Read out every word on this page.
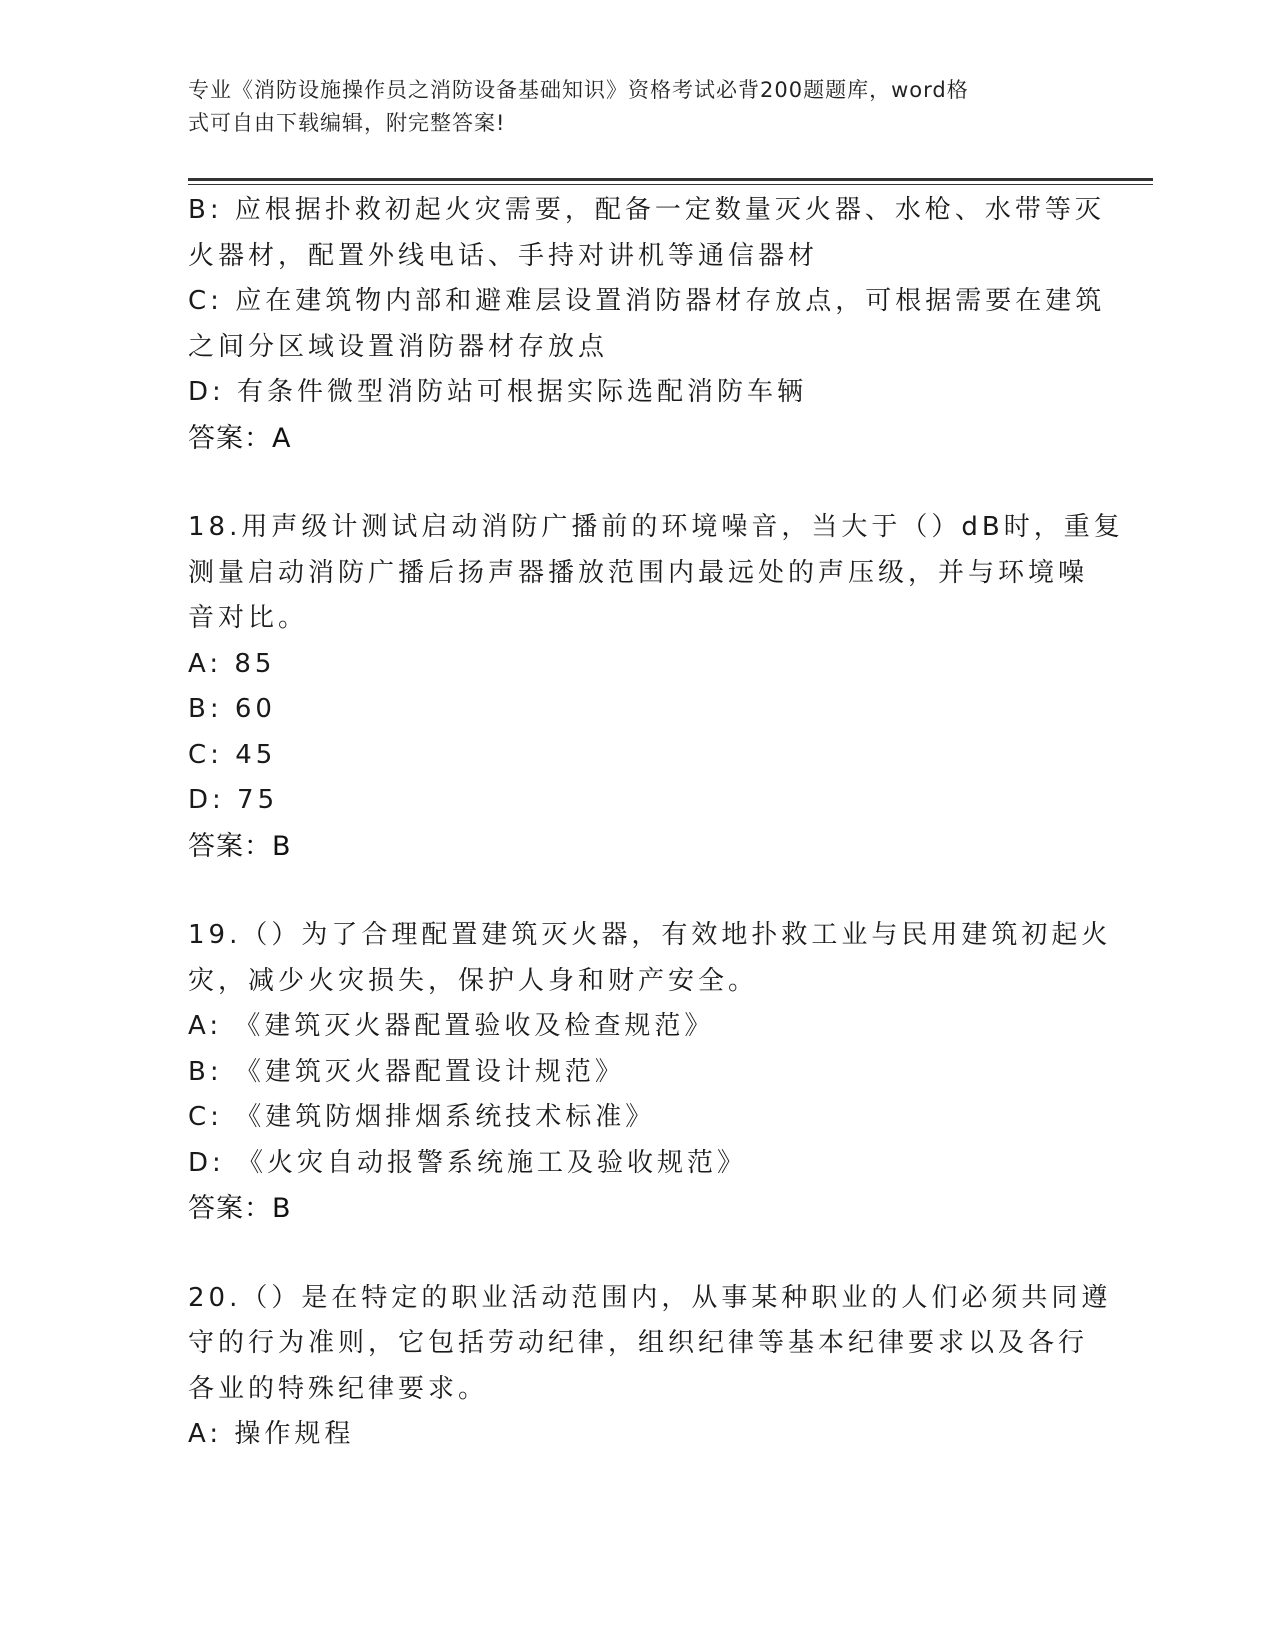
专业《消防设施操作员之消防设备基础知识》资格考试必背200题题库，word格
式可自由下载编辑，附完整答案!
B: 应根据扑救初起火灾需要，配备一定数量灭火器、水枪、水带等灭
火器材，配置外线电话、手持对讲机等通信器材
C: 应在建筑物内部和避难层设置消防器材存放点，可根据需要在建筑
之间分区域设置消防器材存放点
D: 有条件微型消防站可根据实际选配消防车辆
答案：A
18.用声级计测试启动消防广播前的环境噪音，当大于（）dB时，重复
测量启动消防广播后扬声器播放范围内最远处的声压级，并与环境噪
音对比。
A: 85
B: 60
C: 45
D: 75
答案：B
19.（）为了合理配置建筑灭火器，有效地扑救工业与民用建筑初起火
灾，减少火灾损失，保护人身和财产安全。
A: 《建筑灭火器配置验收及检查规范》
B: 《建筑灭火器配置设计规范》
C: 《建筑防烟排烟系统技术标准》
D: 《火灾自动报警系统施工及验收规范》
答案：B
20.（）是在特定的职业活动范围内，从事某种职业的人们必须共同遵
守的行为准则，它包括劳动纪律，组织纪律等基本纪律要求以及各行
各业的特殊纪律要求。
A: 操作规程
